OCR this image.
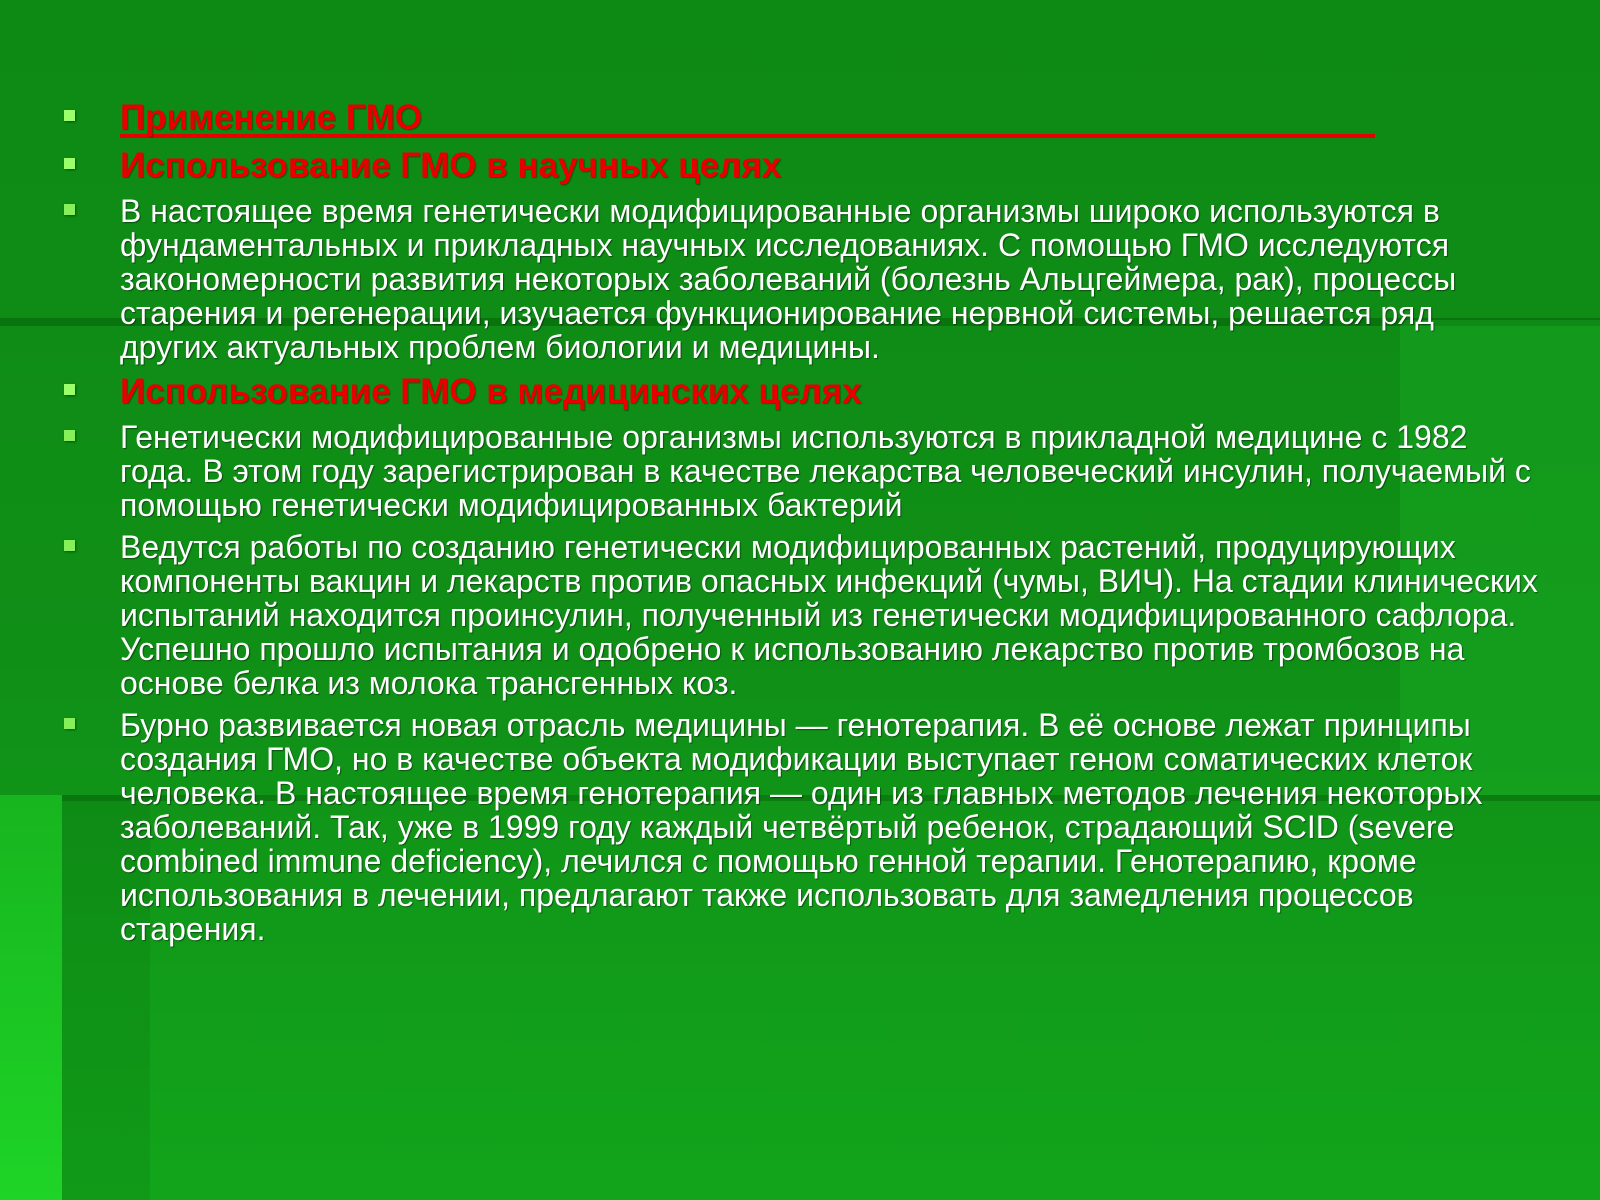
Применение ГМО
Использование ГМО в научных целях
В настоящее время генетически модифицированные организмы широко используются в фундаментальных и прикладных научных исследованиях. С помощью ГМО исследуются закономерности развития некоторых заболеваний (болезнь Альцгеймера, рак), процессы старения и регенерации, изучается функционирование нервной системы, решается ряд других актуальных проблем биологии и медицины.
Использование ГМО в медицинских целях
Генетически модифицированные организмы используются в прикладной медицине с 1982 года. В этом году зарегистрирован в качестве лекарства человеческий инсулин, получаемый с помощью генетически модифицированных бактерий
Ведутся работы по созданию генетически модифицированных растений, продуцирующих компоненты вакцин и лекарств против опасных инфекций (чумы, ВИЧ). На стадии клинических испытаний находится проинсулин, полученный из генетически модифицированного сафлора. Успешно прошло испытания и одобрено к использованию лекарство против тромбозов на основе белка из молока трансгенных коз.
Бурно развивается новая отрасль медицины — генотерапия. В её основе лежат принципы создания ГМО, но в качестве объекта модификации выступает геном соматических клеток человека. В настоящее время генотерапия — один из главных методов лечения некоторых заболеваний. Так, уже в 1999 году каждый четвёртый ребенок, страдающий SCID (severe combined immune deficiency), лечился с помощью генной терапии. Генотерапию, кроме использования в лечении, предлагают также использовать для замедления процессов старения.
